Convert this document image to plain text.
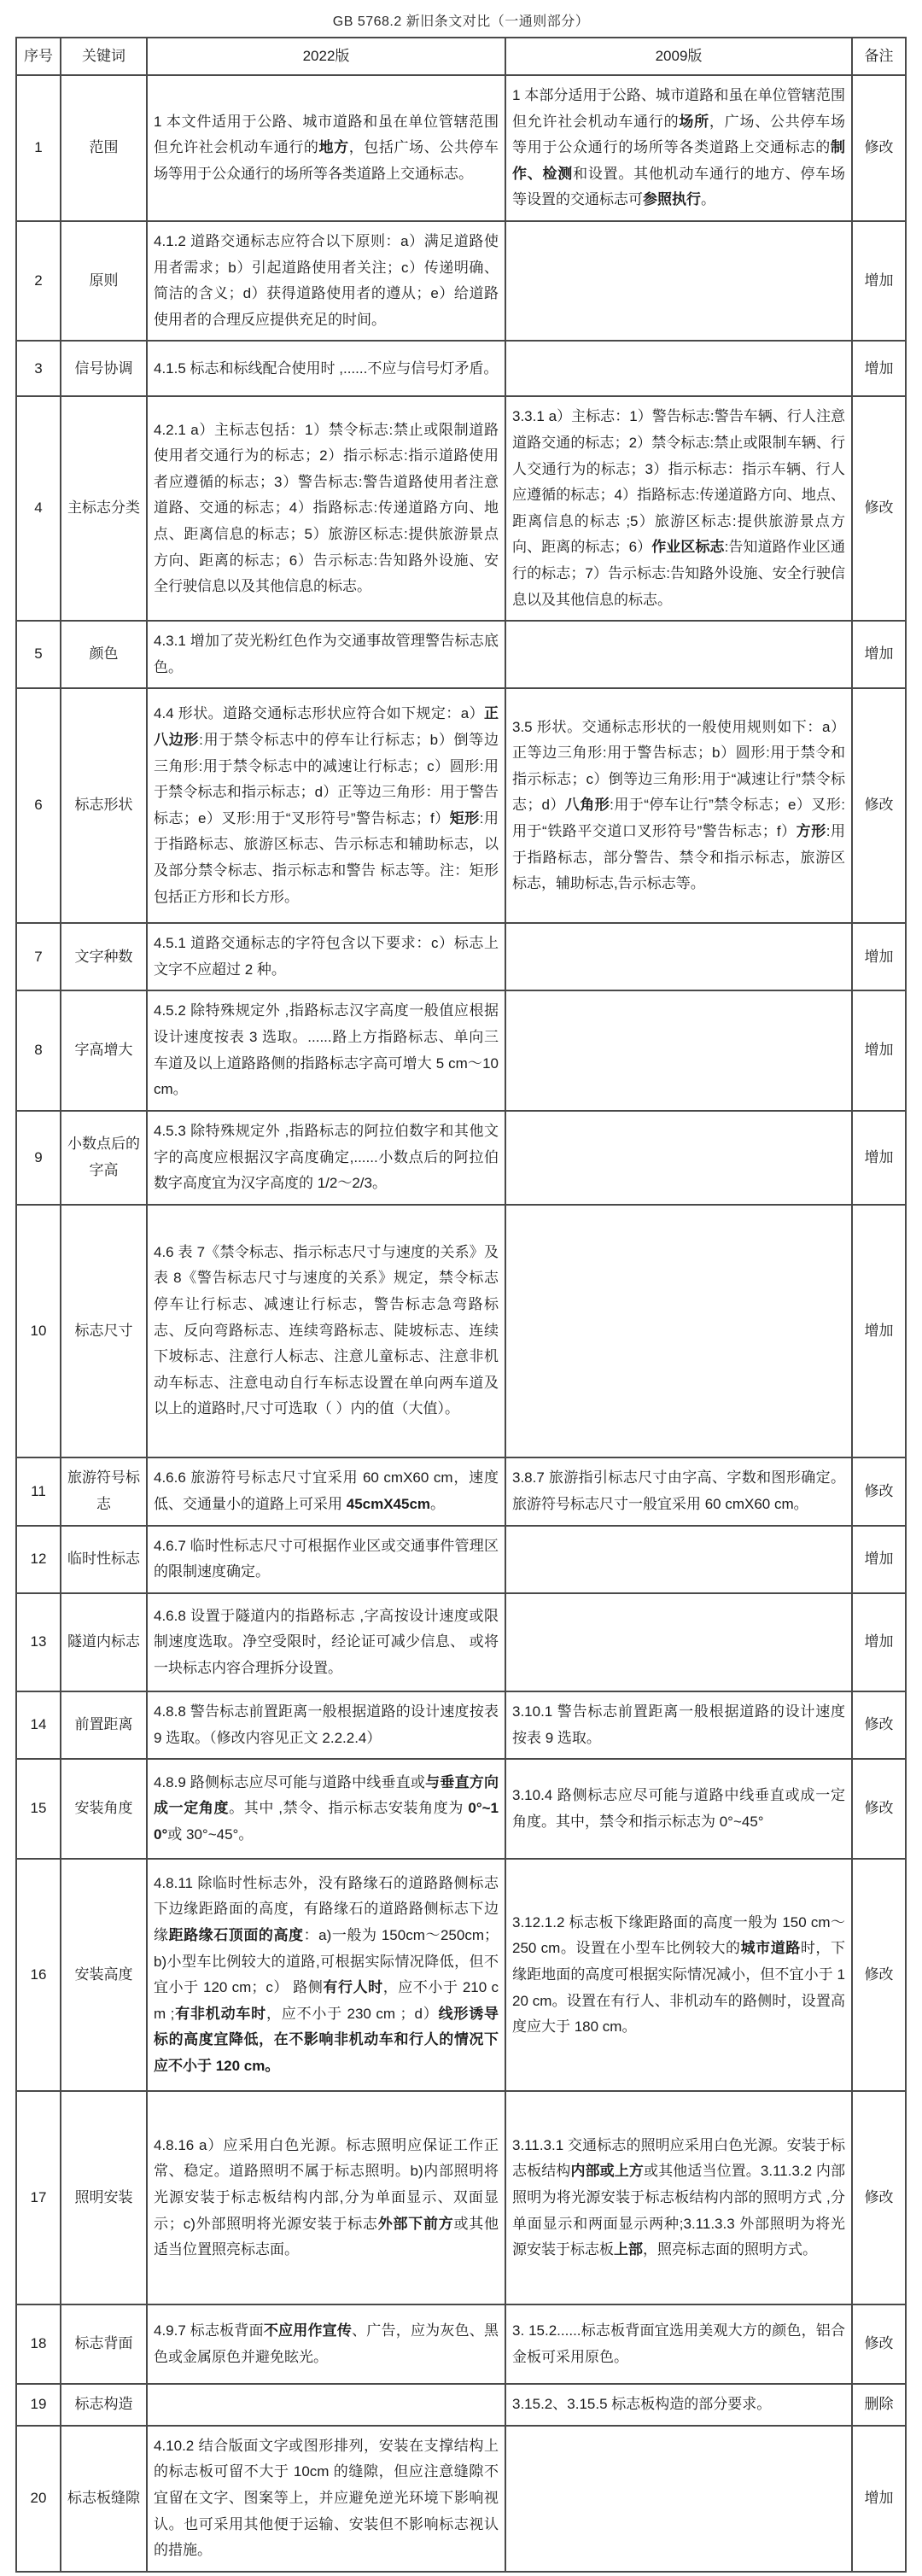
GB 5768.2 新旧条文对比（一通则部分）
序号	关键词	2022版	2009版	备注
1	范围	1 本文件适用于公路、城市道路和虽在单位管辖范围但允许社会机动车通行的地方，包括广场、公共停车场等用于公众通行的场所等各类道路上交通标志。	1 本部分适用于公路、城市道路和虽在单位管辖范围但允许社会机动车通行的场所，广场、公共停车场等用于公众通行的场所等各类道路上交通标志的制作、检测和设置。其他机动车通行的地方、停车场 等设置的交通标志可参照执行。	修改
2	原则	4.1.2 道路交通标志应符合以下原则：a）满足道路使用者需求；b）引起道路使用者关注；c）传递明确、简洁的含义；d）获得道路使用者的遵从；e）给道路使用者的合理反应提供充足的时间。		增加
3	信号协调	4.1.5 标志和标线配合使用时 ,......不应与信号灯矛盾。		增加
4	主标志分类	4.2.1 a）主标志包括：1）禁令标志:禁止或限制道路使用者交通行为的标志；2）指示标志:指示道路使用者应遵循的标志；3）警告标志:警告道路使用者注意道路、交通的标志；4）指路标志:传递道路方向、地点、距离信息的标志；5）旅游区标志:提供旅游景点方向、距离的标志；6）告示标志:告知路外设施、安全行驶信息以及其他信息的标志。	3.3.1 a）主标志：1）警告标志:警告车辆、行人注意道路交通的标志；2）禁令标志:禁止或限制车辆、行人交通行为的标志；3）指示标志：指示车辆、行人应遵循的标志；4）指路标志:传递道路方向、地点、距离信息的标志 ;5）旅游区标志:提供旅游景点方向、距离的标志；6）作业区标志:告知道路作业区通行的标志；7）告示标志:告知路外设施、安全行驶信息以及其他信息的标志。	修改
5	颜色	4.3.1 增加了荧光粉红色作为交通事故管理警告标志底色。		增加
6	标志形状	4.4 形状。道路交通标志形状应符合如下规定：a）正八边形:用于禁令标志中的停车让行标志；b）倒等边三角形:用于禁令标志中的减速让行标志；c）圆形:用于禁令标志和指示标志；d）正等边三角形：用于警告标志；e）叉形:用于“叉形符号”警告标志；f）矩形:用于指路标志、旅游区标志、告示标志和辅助标志，以及部分禁令标志、指示标志和警告 标志等。注：矩形包括正方形和长方形。	3.5 形状。交通标志形状的一般使用规则如下：a）正等边三角形:用于警告标志；b）圆形:用于禁令和指示标志；c）倒等边三角形:用于“减速让行”禁令标志；d）八角形:用于“停车让行”禁令标志；e）叉形:用于“铁路平交道口叉形符号”警告标志；f）方形:用于指路标志，部分警告、禁令和指示标志，旅游区标志，辅助标志,告示标志等。	修改
7	文字种数	4.5.1 道路交通标志的字符包含以下要求：c）标志上文字不应超过 2 种。		增加
8	字高增大	4.5.2 除特殊规定外 ,指路标志汉字高度一般值应根据设计速度按表 3 选取。......路上方指路标志、单向三车道及以上道路路侧的指路标志字高可增大 5 cm～10 cm。		增加
9	小数点后的字高	4.5.3 除特殊规定外 ,指路标志的阿拉伯数字和其他文字的高度应根据汉字高度确定,......小数点后的阿拉伯数字高度宜为汉字高度的 1/2～2/3。		增加
10	标志尺寸	4.6 表 7《禁令标志、指示标志尺寸与速度的关系》及表 8《警告标志尺寸与速度的关系》规定，禁令标志停车让行标志、减速让行标志，警告标志急弯路标志、反向弯路标志、连续弯路标志、陡坡标志、连续下坡标志、注意行人标志、注意儿童标志、注意非机动车标志、注意电动自行车标志设置在单向两车道及以上的道路时,尺寸可选取（ ）内的值（大值）。		增加
11	旅游符号标志	4.6.6 旅游符号标志尺寸宜采用 60 cmX60 cm，速度低、交通量小的道路上可采用 45cmX45cm。	3.8.7 旅游指引标志尺寸由字高、字数和图形确定。旅游符号标志尺寸一般宜采用 60 cmX60 cm。	修改
12	临时性标志	4.6.7 临时性标志尺寸可根据作业区或交通事件管理区的限制速度确定。		增加
13	隧道内标志	4.6.8 设置于隧道内的指路标志 ,字高按设计速度或限制速度选取。净空受限时，经论证可减少信息、 或将一块标志内容合理拆分设置。		增加
14	前置距离	4.8.8 警告标志前置距离一般根据道路的设计速度按表 9 选取。（修改内容见正文 2.2.2.4）	3.10.1 警告标志前置距离一般根据道路的设计速度按表 9 选取。	修改
15	安装角度	4.8.9 路侧标志应尽可能与道路中线垂直或与垂直方向成一定角度。其中 ,禁令、指示标志安装角度为 0°~10°或 30°~45°。	3.10.4 路侧标志应尽可能与道路中线垂直或成一定角度。其中，禁令和指示标志为 0°~45°	修改
16	安装高度	4.8.11 除临时性标志外，没有路缘石的道路路侧标志下边缘距路面的高度，有路缘石的道路路侧标志下边缘距路缘石顶面的高度：a)一般为 150cm～250cm；b)小型车比例较大的道路,可根据实际情况降低，但不宜小于 120 cm；c） 路侧有行人时，应不小于 210 cm ;有非机动车时，应不小于 230 cm ；d）线形诱导标的高度宜降低，在不影响非机动车和行人的情况下应不小于 120 cm。	3.12.1.2 标志板下缘距路面的高度一般为 150 cm～250 cm。设置在小型车比例较大的城市道路时，下缘距地面的高度可根据实际情况减小，但不宜小于 120 cm。设置在有行人、非机动车的路侧时，设置高度应大于 180 cm。	修改
17	照明安装	4.8.16 a）应采用白色光源。标志照明应保证工作正常、稳定。道路照明不属于标志照明。b)内部照明将光源安装于标志板结构内部,分为单面显示、双面显示；c)外部照明将光源安装于标志外部下前方或其他适当位置照亮标志面。	3.11.3.1 交通标志的照明应采用白色光源。安装于标志板结构内部或上方或其他适当位置。3.11.3.2 内部照明为将光源安装于标志板结构内部的照明方式 ,分单面显示和两面显示两种;3.11.3.3 外部照明为将光源安装于标志板上部，照亮标志面的照明方式。	修改
18	标志背面	4.9.7 标志板背面不应用作宣传、广告，应为灰色、黑色或金属原色并避免眩光。	3. 15.2......标志板背面宜选用美观大方的颜色，铝合金板可采用原色。	修改
19	标志构造		3.15.2、3.15.5 标志板构造的部分要求。	删除
20	标志板缝隙	4.10.2 结合版面文字或图形排列，安装在支撑结构上的标志板可留不大于 10cm 的缝隙，但应注意缝隙不宜留在文字、图案等上，并应避免逆光环境下影响视认。也可采用其他便于运输、安装但不影响标志视认的措施。		增加
